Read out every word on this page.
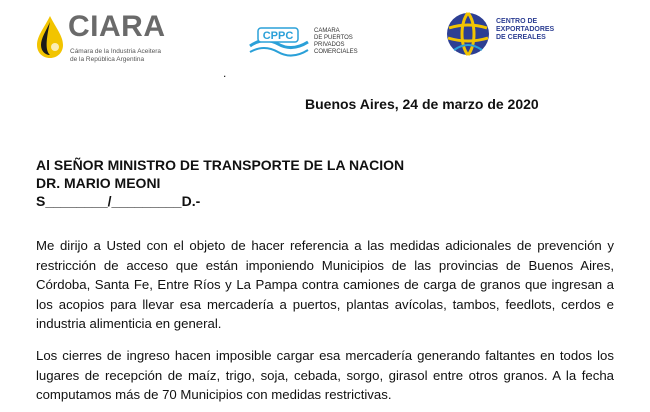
CIARA
Cámara de la Industria Aceitera
de la República Argentina
CPPC	CAMARA
DE PUERTOS
PRIVADOS
COMERCIALES
CENTRO DE
EXPORTADORES
DE CEREALES
.
Buenos Aires, 24 de marzo de 2020
Al SEÑOR MINISTRO DE TRANSPORTE DE LA NACION
DR. MARIO MEONI
S________/_________D.-
Me dirijo a Usted con el objeto de hacer referencia a las medidas adicionales de prevención y restricción de acceso que están imponiendo Municipios de las provincias de Buenos Aires, Córdoba, Santa Fe, Entre Ríos y La Pampa contra camiones de carga de granos que ingresan a los acopios para llevar esa mercadería a puertos, plantas avícolas, tambos, feedlots, cerdos e industria alimenticia en general.
Los cierres de ingreso hacen imposible cargar esa mercadería generando faltantes en todos los lugares de recepción de maíz, trigo, soja, cebada, sorgo, girasol entre otros granos. A la fecha computamos más de 70 Municipios con medidas restrictivas.
